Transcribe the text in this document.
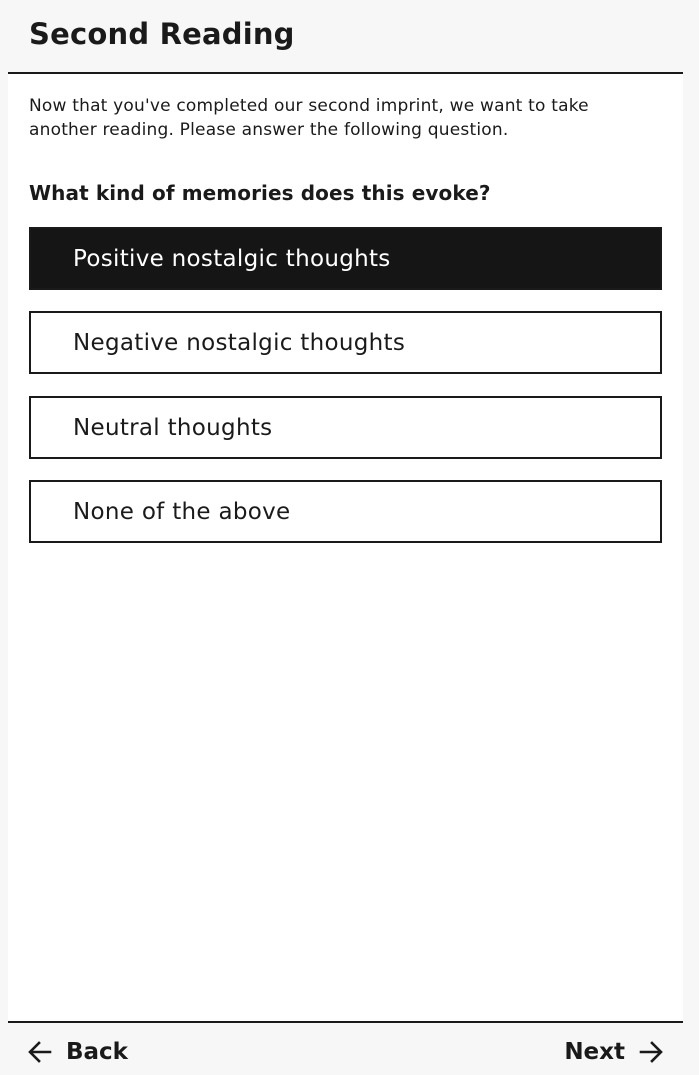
Second Reading

Now that you've completed our second imprint, we want to take another reading. Please answer the following question.

What kind of memories does this evoke?

Positive nostalgic thoughts
Negative nostalgic thoughts
Neutral thoughts
None of the above
Back	Next
